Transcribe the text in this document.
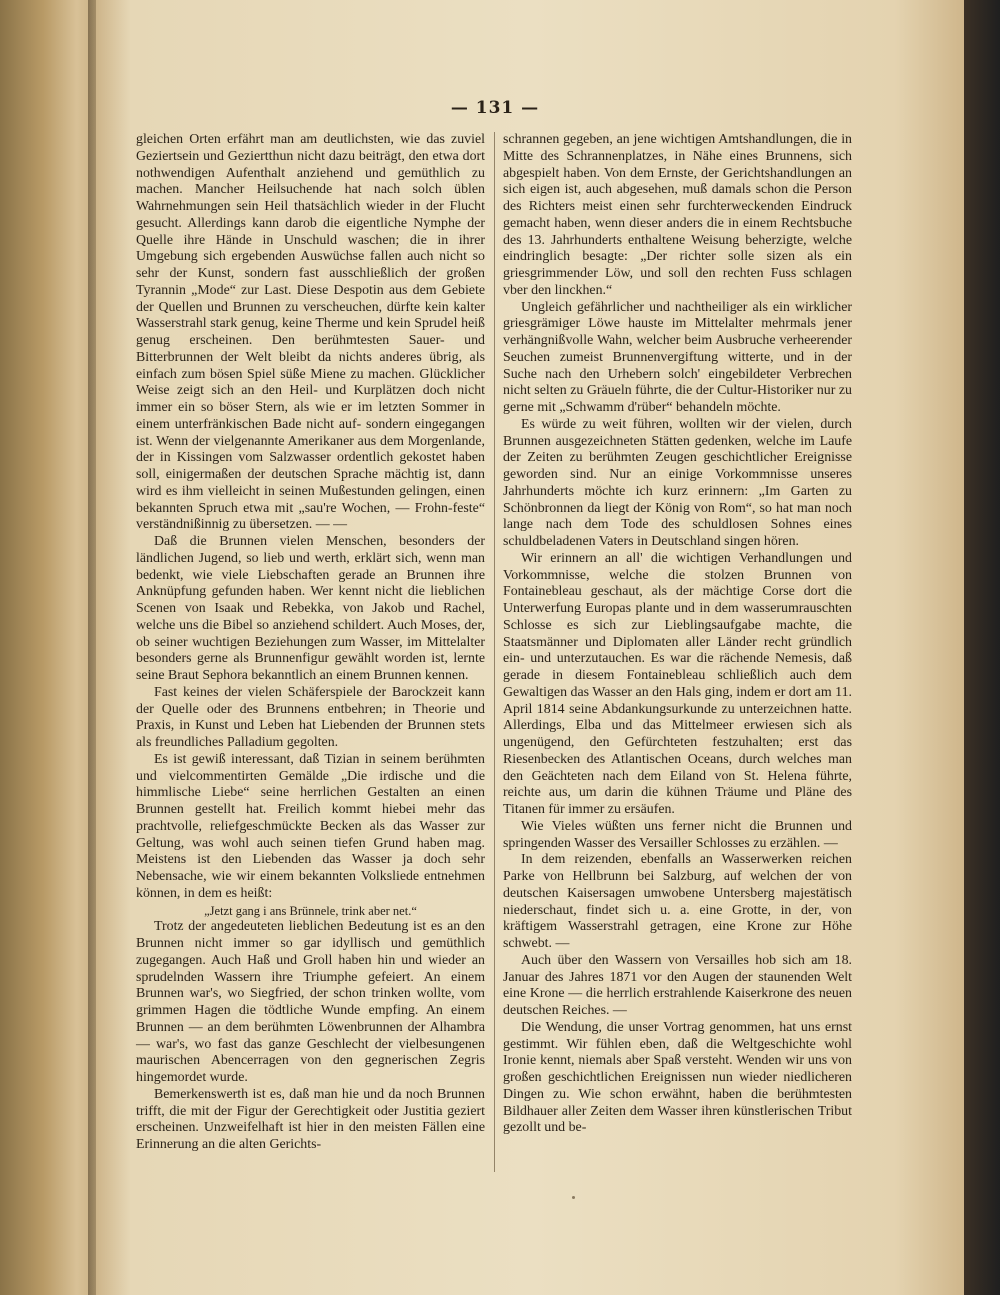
— 131 —

gleichen Orten erfährt man am deutlichsten, wie das zuviel Geziertsein und Geziertthun nicht dazu beiträgt, den etwa dort nothwendigen Aufenthalt anziehend und gemüthlich zu machen. Mancher Heilsuchende hat nach solch üblen Wahrnehmungen sein Heil thatsächlich wieder in der Flucht gesucht. Allerdings kann darob die eigentliche Nymphe der Quelle ihre Hände in Unschuld waschen; die in ihrer Umgebung sich ergebenden Auswüchse fallen auch nicht so sehr der Kunst, sondern fast ausschließlich der großen Tyrannin „Mode“ zur Last. Diese Despotin aus dem Gebiete der Quellen und Brunnen zu verscheuchen, dürfte kein kalter Wasserstrahl stark genug, keine Therme und kein Sprudel heiß genug erscheinen. Den berühmtesten Sauer- und Bitterbrunnen der Welt bleibt da nichts anderes übrig, als einfach zum bösen Spiel süße Miene zu machen. Glücklicher Weise zeigt sich an den Heil- und Kurplätzen doch nicht immer ein so böser Stern, als wie er im letzten Sommer in einem unterfränkischen Bade nicht auf- sondern eingegangen ist. Wenn der vielgenannte Amerikaner aus dem Morgenlande, der in Kissingen vom Salzwasser ordentlich gekostet haben soll, einigermaßen der deutschen Sprache mächtig ist, dann wird es ihm vielleicht in seinen Mußestunden gelingen, einen bekannten Spruch etwa mit „sau're Wochen, — Frohn-feste“ verständnißinnig zu übersetzen. — —

Daß die Brunnen vielen Menschen, besonders der ländlichen Jugend, so lieb und werth, erklärt sich, wenn man bedenkt, wie viele Liebschaften gerade an Brunnen ihre Anknüpfung gefunden haben. Wer kennt nicht die lieblichen Scenen von Isaak und Rebekka, von Jakob und Rachel, welche uns die Bibel so anziehend schildert. Auch Moses, der, ob seiner wuchtigen Beziehungen zum Wasser, im Mittelalter besonders gerne als Brunnenfigur gewählt worden ist, lernte seine Braut Sephora bekanntlich an einem Brunnen kennen.

Fast keines der vielen Schäferspiele der Barockzeit kann der Quelle oder des Brunnens entbehren; in Theorie und Praxis, in Kunst und Leben hat Liebenden der Brunnen stets als freundliches Palladium gegolten.

Es ist gewiß interessant, daß Tizian in seinem berühmten und vielcommentirten Gemälde „Die irdische und die himmlische Liebe“ seine herrlichen Gestalten an einen Brunnen gestellt hat. Freilich kommt hiebei mehr das prachtvolle, reliefgeschmückte Becken als das Wasser zur Geltung, was wohl auch seinen tiefen Grund haben mag. Meistens ist den Liebenden das Wasser ja doch sehr Nebensache, wie wir einem bekannten Volksliede entnehmen können, in dem es heißt:

„Jetzt gang i ans Brünnele, trink aber net.“

Trotz der angedeuteten lieblichen Bedeutung ist es an den Brunnen nicht immer so gar idyllisch und gemüthlich zugegangen. Auch Haß und Groll haben hin und wieder an sprudelnden Wassern ihre Triumphe gefeiert. An einem Brunnen war's, wo Siegfried, der schon trinken wollte, vom grimmen Hagen die tödtliche Wunde empfing. An einem Brunnen — an dem berühmten Löwenbrunnen der Alhambra — war's, wo fast das ganze Geschlecht der vielbesungenen maurischen Abencerragen von den gegnerischen Zegris hingemordet wurde.

Bemerkenswerth ist es, daß man hie und da noch Brunnen trifft, die mit der Figur der Gerechtigkeit oder Justitia geziert erscheinen. Unzweifelhaft ist hier in den meisten Fällen eine Erinnerung an die alten Gerichts-

schrannen gegeben, an jene wichtigen Amtshandlungen, die in Mitte des Schrannenplatzes, in Nähe eines Brunnens, sich abgespielt haben. Von dem Ernste, der Gerichtshandlungen an sich eigen ist, auch abgesehen, muß damals schon die Person des Richters meist einen sehr furchterweckenden Eindruck gemacht haben, wenn dieser anders die in einem Rechtsbuche des 13. Jahrhunderts enthaltene Weisung beherzigte, welche eindringlich besagte: „Der richter solle sizen als ein griesgrimmender Löw, und soll den rechten Fuss schlagen vber den linckhen.“

Ungleich gefährlicher und nachtheiliger als ein wirklicher griesgrämiger Löwe hauste im Mittelalter mehrmals jener verhängnißvolle Wahn, welcher beim Ausbruche verheerender Seuchen zumeist Brunnenvergiftung witterte, und in der Suche nach den Urhebern solch' eingebildeter Verbrechen nicht selten zu Gräueln führte, die der Cultur-Historiker nur zu gerne mit „Schwamm d'rüber“ behandeln möchte.

Es würde zu weit führen, wollten wir der vielen, durch Brunnen ausgezeichneten Stätten gedenken, welche im Laufe der Zeiten zu berühmten Zeugen geschichtlicher Ereignisse geworden sind. Nur an einige Vorkommnisse unseres Jahrhunderts möchte ich kurz erinnern: „Im Garten zu Schönbronnen da liegt der König von Rom“, so hat man noch lange nach dem Tode des schuldlosen Sohnes eines schuldbeladenen Vaters in Deutschland singen hören.

Wir erinnern an all' die wichtigen Verhandlungen und Vorkommnisse, welche die stolzen Brunnen von Fontainebleau geschaut, als der mächtige Corse dort die Unterwerfung Europas plante und in dem wasserumrauschten Schlosse es sich zur Lieblingsaufgabe machte, die Staatsmänner und Diplomaten aller Länder recht gründlich ein- und unterzutauchen. Es war die rächende Nemesis, daß gerade in diesem Fontainebleau schließlich auch dem Gewaltigen das Wasser an den Hals ging, indem er dort am 11. April 1814 seine Abdankungsurkunde zu unterzeichnen hatte. Allerdings, Elba und das Mittelmeer erwiesen sich als ungenügend, den Gefürchteten festzuhalten; erst das Riesenbecken des Atlantischen Oceans, durch welches man den Geächteten nach dem Eiland von St. Helena führte, reichte aus, um darin die kühnen Träume und Pläne des Titanen für immer zu ersäufen.

Wie Vieles wüßten uns ferner nicht die Brunnen und springenden Wasser des Versailler Schlosses zu erzählen. —

In dem reizenden, ebenfalls an Wasserwerken reichen Parke von Hellbrunn bei Salzburg, auf welchen der von deutschen Kaisersagen umwobene Untersberg majestätisch niederschaut, findet sich u. a. eine Grotte, in der, von kräftigem Wasserstrahl getragen, eine Krone zur Höhe schwebt. —

Auch über den Wassern von Versailles hob sich am 18. Januar des Jahres 1871 vor den Augen der staunenden Welt eine Krone — die herrlich erstrahlende Kaiserkrone des neuen deutschen Reiches. —

Die Wendung, die unser Vortrag genommen, hat uns ernst gestimmt. Wir fühlen eben, daß die Weltgeschichte wohl Ironie kennt, niemals aber Spaß versteht. Wenden wir uns von großen geschichtlichen Ereignissen nun wieder niedlicheren Dingen zu. Wie schon erwähnt, haben die berühmtesten Bildhauer aller Zeiten dem Wasser ihren künstlerischen Tribut gezollt und be-
